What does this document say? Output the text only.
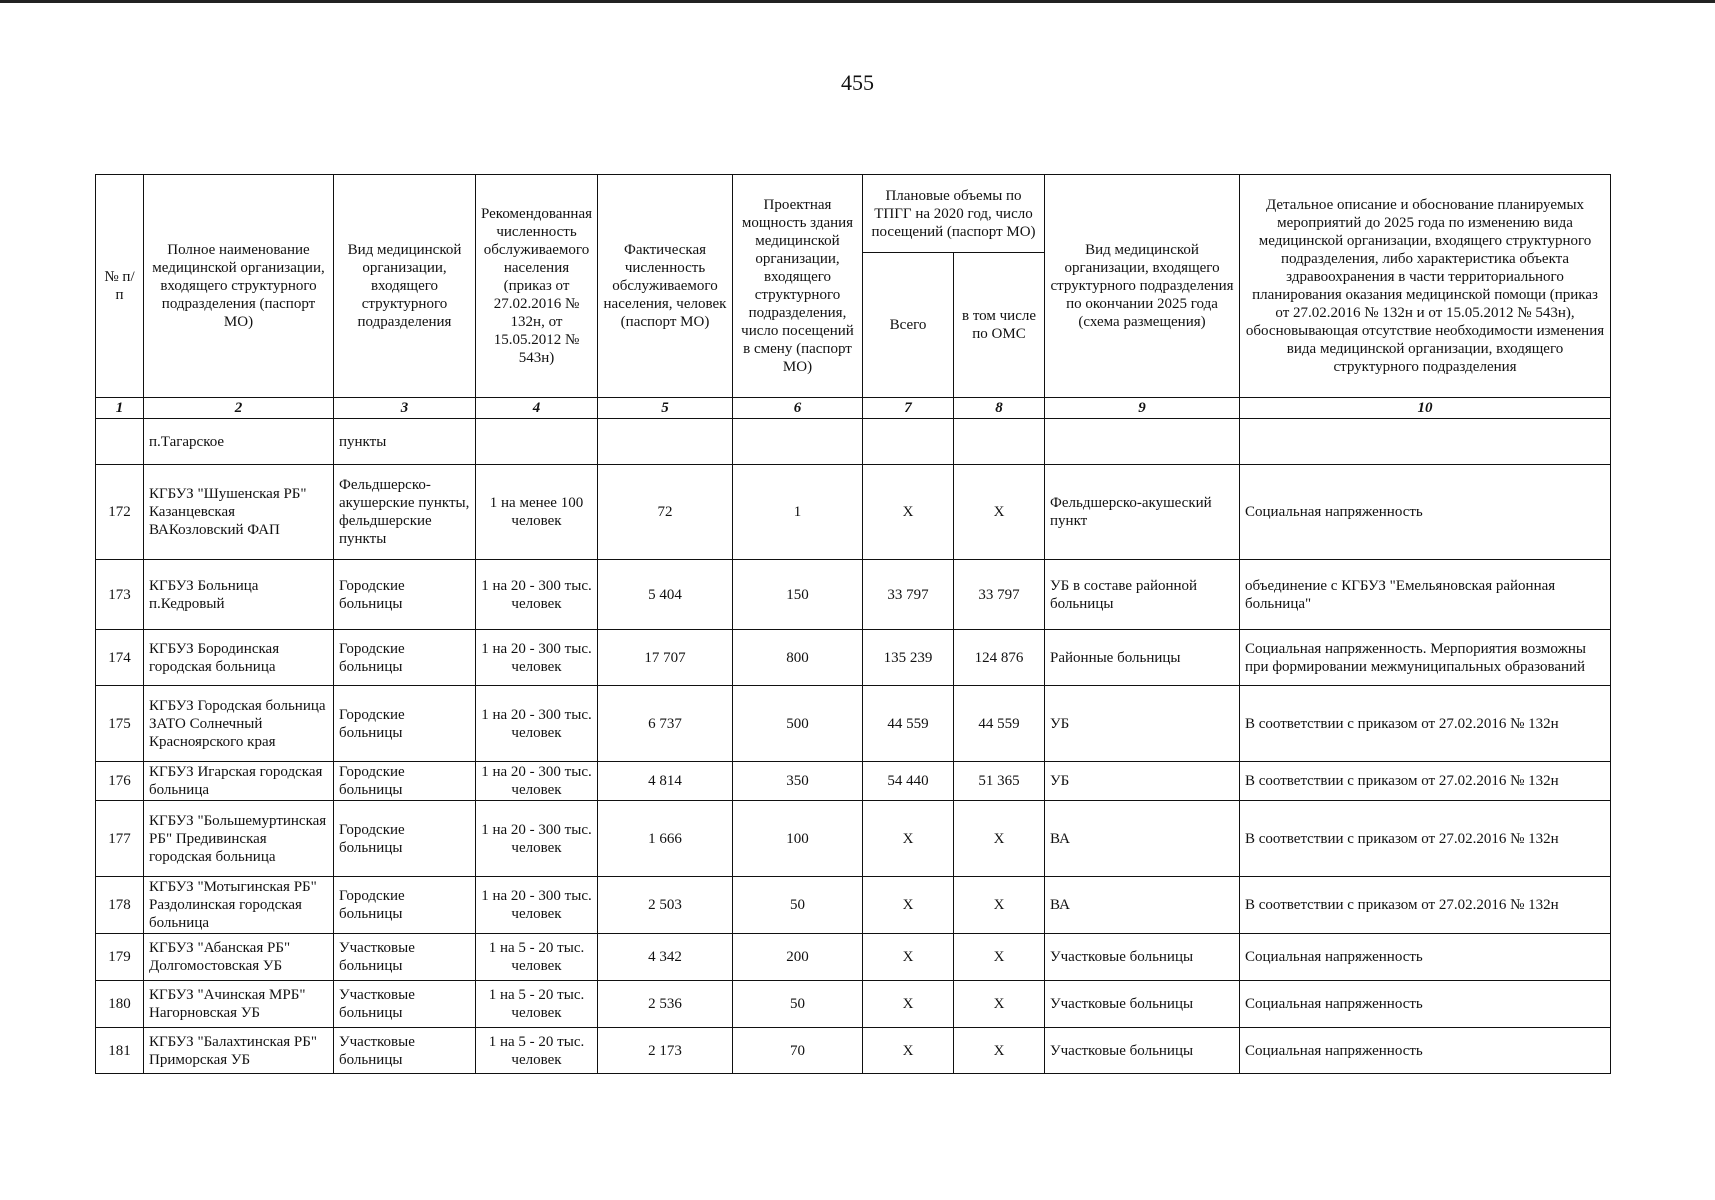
455
№ п/п	Полное наименование медицинской организации, входящего структурного подразделения (паспорт МО)	Вид медицинской организации, входящего структурного подразделения	Рекомендованная численность обслуживаемого населения (приказ от 27.02.2016 № 132н, от 15.05.2012 № 543н)	Фактическая численность обслуживаемого населения, человек (паспорт МО)	Проектная мощность здания медицинской организации, входящего структурного подразделения, число посещений в смену (паспорт МО)	Плановые объемы по ТПГГ на 2020 год, число посещений (паспорт МО)		Вид медицинской организации, входящего структурного подразделения по окончании 2025 года (схема размещения)	Детальное описание и обоснование планируемых мероприятий до 2025 года по изменению вида медицинской организации, входящего структурного подразделения, либо характеристика объекта здравоохранения в части территориального планирования оказания медицинской помощи (приказ от 27.02.2016 № 132н и от 15.05.2012 № 543н), обосновывающая отсутствие необходимости изменения вида медицинской организации, входящего структурного подразделения
						Всего	в том числе по ОМС		
1	2	3	4	5	6	7	8	9	10
	п.Тагарское	пункты							
172	КГБУЗ "Шушенская РБ" Казанцевская ВАКозловский ФАП	Фельдшерско-акушерские пункты, фельдшерские пункты	1 на менее 100 человек	72	1	Х	Х	Фельдшерско-акушеский пункт	Социальная напряженность
173	КГБУЗ Больница п.Кедровый	Городские больницы	1 на 20 - 300 тыс. человек	5 404	150	33 797	33 797	УБ в составе районной больницы	объединение с КГБУЗ "Емельяновская районная больница"
174	КГБУЗ Бородинская городская больница	Городские больницы	1 на 20 - 300 тыс. человек	17 707	800	135 239	124 876	Районные больницы	Социальная напряженность. Мерпориятия возможны при формировании межмуниципальных образований
175	КГБУЗ Городская больница ЗАТО Солнечный Красноярского края	Городские больницы	1 на 20 - 300 тыс. человек	6 737	500	44 559	44 559	УБ	В соответствии с приказом от 27.02.2016 № 132н
176	КГБУЗ Игарская городская больница	Городские больницы	1 на 20 - 300 тыс. человек	4 814	350	54 440	51 365	УБ	В соответствии с приказом от 27.02.2016 № 132н
177	КГБУЗ "Большемуртинская РБ" Предивинская городская больница	Городские больницы	1 на 20 - 300 тыс. человек	1 666	100	Х	Х	ВА	В соответствии с приказом от 27.02.2016 № 132н
178	КГБУЗ "Мотыгинская РБ" Раздолинская городская больница	Городские больницы	1 на 20 - 300 тыс. человек	2 503	50	Х	Х	ВА	В соответствии с приказом от 27.02.2016 № 132н
179	КГБУЗ "Абанская РБ" Долгомостовская УБ	Участковые больницы	1 на 5 - 20 тыс. человек	4 342	200	Х	Х	Участковые больницы	Социальная напряженность
180	КГБУЗ "Ачинская МРБ" Нагорновская УБ	Участковые больницы	1 на 5 - 20 тыс. человек	2 536	50	Х	Х	Участковые больницы	Социальная напряженность
181	КГБУЗ "Балахтинская РБ" Приморская УБ	Участковые больницы	1 на 5 - 20 тыс. человек	2 173	70	Х	Х	Участковые больницы	Социальная напряженность
